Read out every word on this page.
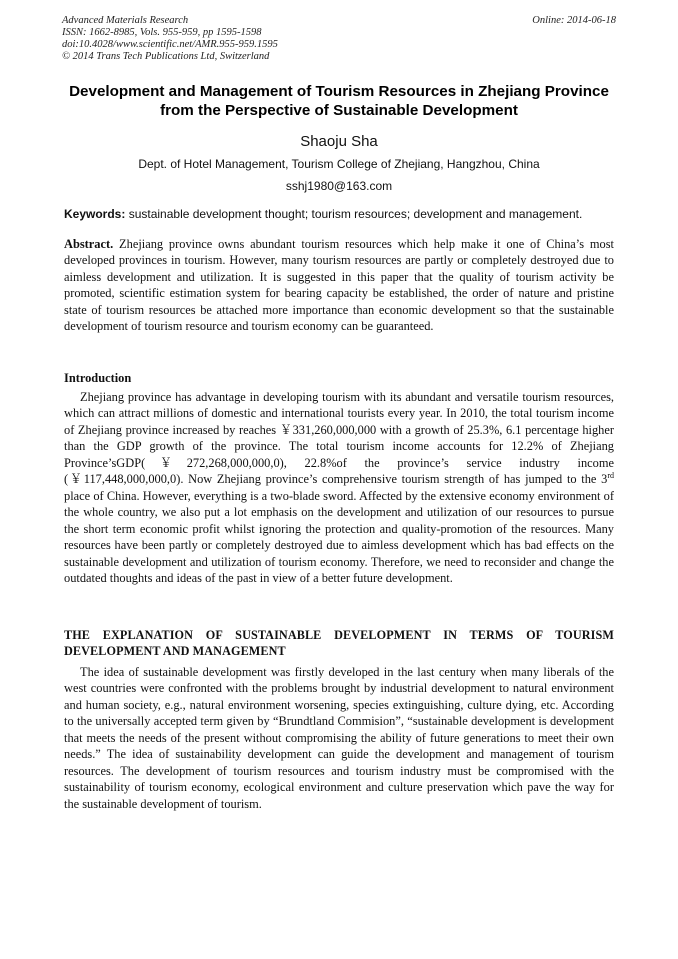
Advanced Materials Research
ISSN: 1662-8985, Vols. 955-959, pp 1595-1598
doi:10.4028/www.scientific.net/AMR.955-959.1595
© 2014 Trans Tech Publications Ltd, Switzerland
Online: 2014-06-18
Development and Management of Tourism Resources in Zhejiang Province from the Perspective of Sustainable Development
Shaoju Sha
Dept. of Hotel Management, Tourism College of Zhejiang, Hangzhou, China
sshj1980@163.com
Keywords: sustainable development thought; tourism resources; development and management.
Abstract. Zhejiang province owns abundant tourism resources which help make it one of China’s most developed provinces in tourism. However, many tourism resources are partly or completely destroyed due to aimless development and utilization. It is suggested in this paper that the quality of tourism activity be promoted, scientific estimation system for bearing capacity be established, the order of nature and pristine state of tourism resources be attached more importance than economic development so that the sustainable development of tourism resource and tourism economy can be guaranteed.
Introduction
Zhejiang province has advantage in developing tourism with its abundant and versatile tourism resources, which can attract millions of domestic and international tourists every year. In 2010, the total tourism income of Zhejiang province increased by reaches ￥331,260,000,000 with a growth of 25.3%, 6.1 percentage higher than the GDP growth of the province. The total tourism income accounts for 12.2% of Zhejiang Province’sGDP(￥272,268,000,000,0), 22.8%of the province’s service industry income (￥117,448,000,000,0). Now Zhejiang province’s comprehensive tourism strength of has jumped to the 3rd place of China. However, everything is a two-blade sword. Affected by the extensive economy environment of the whole country, we also put a lot emphasis on the development and utilization of our resources to pursue the short term economic profit whilst ignoring the protection and quality-promotion of the resources. Many resources have been partly or completely destroyed due to aimless development which has bad effects on the sustainable development and utilization of tourism economy. Therefore, we need to reconsider and change the outdated thoughts and ideas of the past in view of a better future development.
THE EXPLANATION OF SUSTAINABLE DEVELOPMENT IN TERMS OF TOURISM DEVELOPMENT AND MANAGEMENT
The idea of sustainable development was firstly developed in the last century when many liberals of the west countries were confronted with the problems brought by industrial development to natural environment and human society, e.g., natural environment worsening, species extinguishing, culture dying, etc. According to the universally accepted term given by “Brundtland Commision”, “sustainable development is development that meets the needs of the present without compromising the ability of future generations to meet their own needs.” The idea of sustainability development can guide the development and management of tourism resources. The development of tourism resources and tourism industry must be compromised with the sustainability of tourism economy, ecological environment and culture preservation which pave the way for the sustainable development of tourism.
